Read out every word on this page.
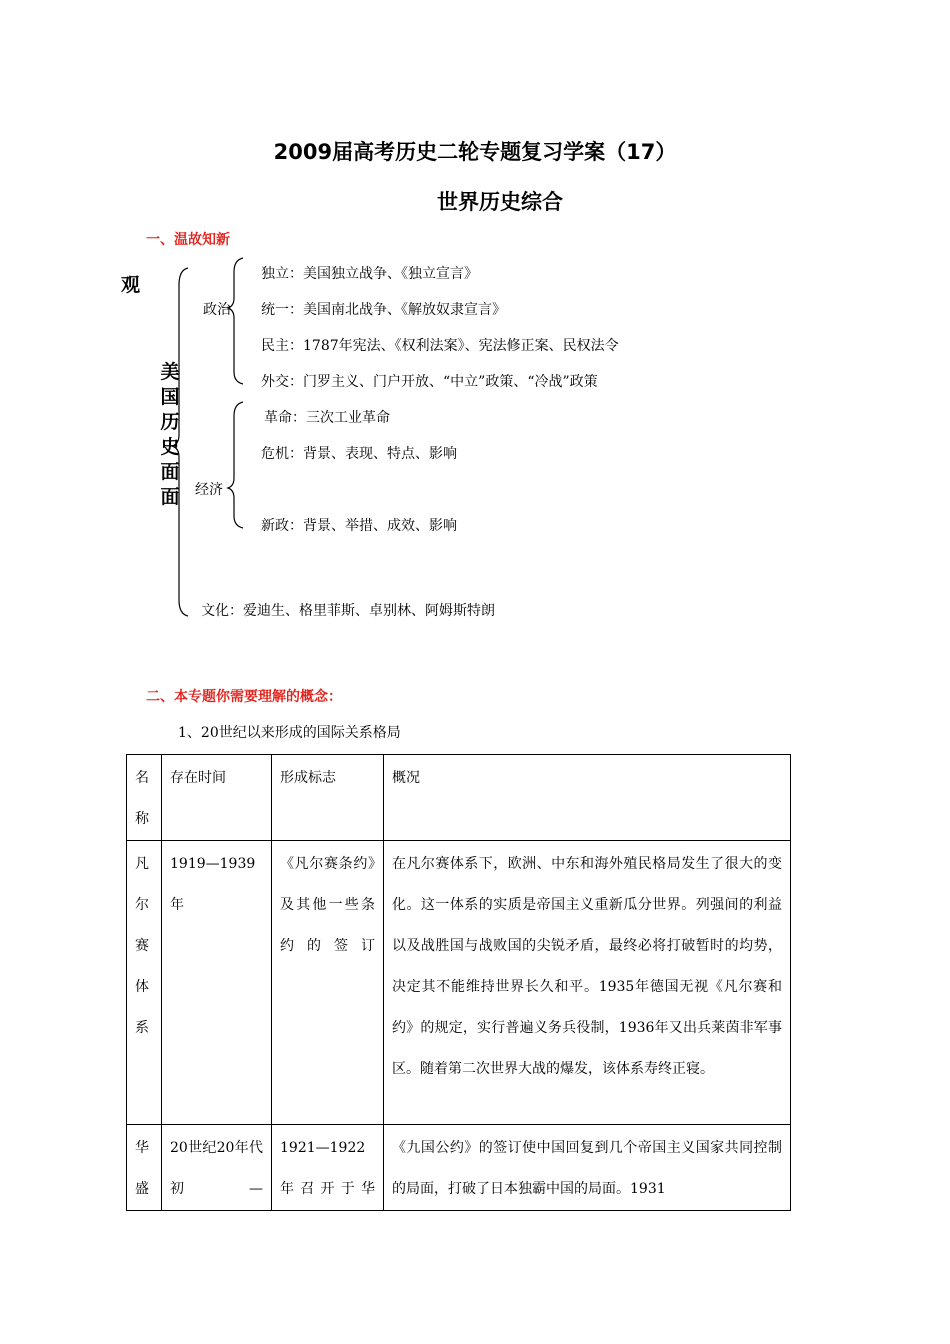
2009届高考历史二轮专题复习学案（17）
世界历史综合
一、温故知新
观
美国历史面面
政治
独立：美国独立战争、《独立宣言》
统一：美国南北战争、《解放奴隶宣言》
民主：1787年宪法、《权利法案》、宪法修正案、民权法令
外交：门罗主义、门户开放、“中立”政策、“冷战”政策
经济
革命：三次工业革命
危机：背景、表现、特点、影响
新政：背景、举措、成效、影响
文化：爱迪生、格里菲斯、卓别林、阿姆斯特朗
二、本专题你需要理解的概念：
1、20世纪以来形成的国际关系格局
名称	存在时间	形成标志	概况
凡尔赛体系	1919—1939年	《凡尔赛条约》及其他一些条约的签订	在凡尔赛体系下，欧洲、中东和海外殖民格局发生了很大的变化。这一体系的实质是帝国主义重新瓜分世界。列强间的利益以及战胜国与战败国的尖锐矛盾，最终必将打破暂时的均势，决定其不能维持世界长久和平。1935年德国无视《凡尔赛和约》的规定，实行普遍义务兵役制，1936年又出兵莱茵非军事区。随着第二次世界大战的爆发，该体系寿终正寝。
华盛	20世纪20年代初—	1921—1922年召开于华	《九国公约》的签订使中国回复到几个帝国主义国家共同控制的局面，打破了日本独霸中国的局面。1931
